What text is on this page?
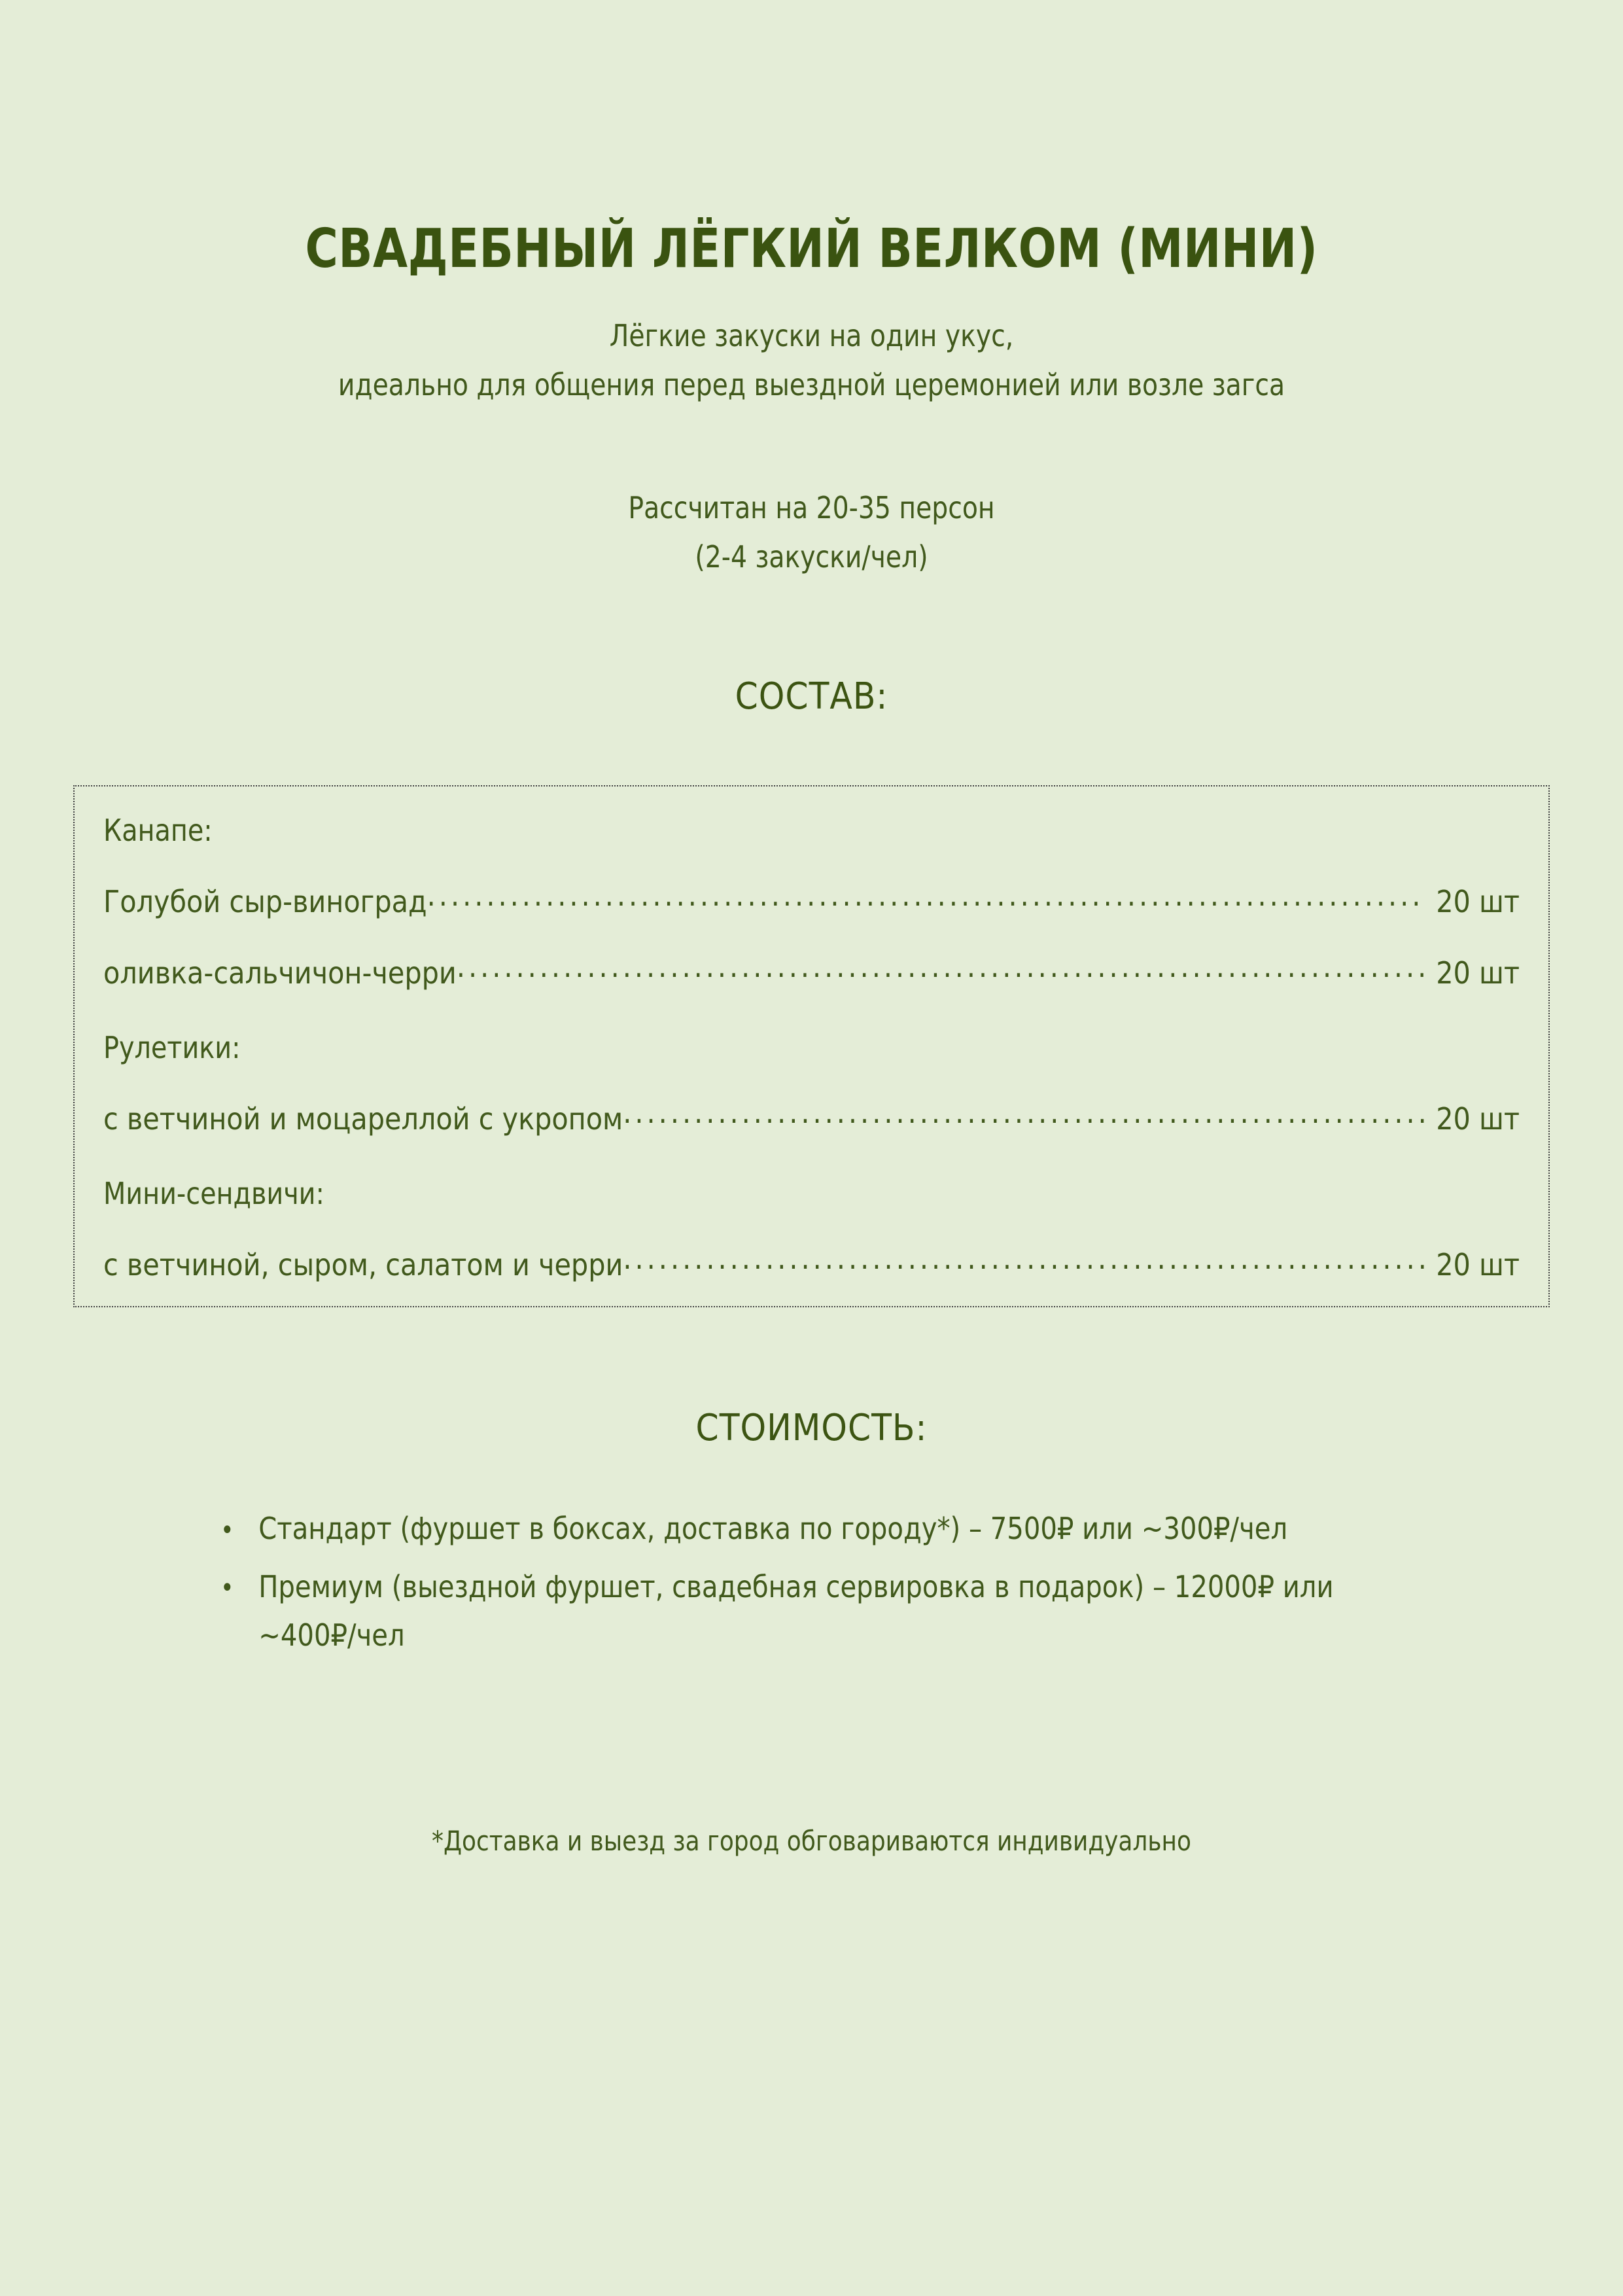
СВАДЕБНЫЙ ЛЁГКИЙ ВЕЛКОМ (МИНИ)

Лёгкие закуски на один укус,
идеально для общения перед выездной церемонией или возле загса

Рассчитан на 20-35 персон
(2-4 закуски/чел)

СОСТАВ:
Канапе:
Голубой сыр-виноград .....	20 шт
оливка-сальчичон-черри .....	20 шт
Рулетики:
с ветчиной и моцареллой с укропом .....	20 шт
Мини-сендвичи:
с ветчиной, сыром, салатом и черри .....	20 шт
СТОИМОСТЬ:
• Стандарт (фуршет в боксах, доставка по городу*) – 7500₽ или ~300₽/чел
• Премиум (выездной фуршет, свадебная сервировка в подарок) – 12000₽ или ~400₽/чел

*Доставка и выезд за город обговариваются индивидуально
